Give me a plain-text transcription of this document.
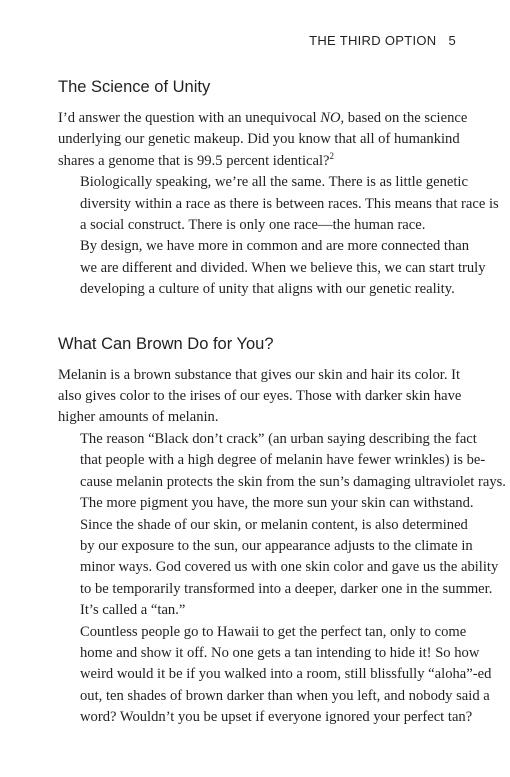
THE THIRD OPTION 5
The Science of Unity

I’d answer the question with an unequivocal NO, based on the science
underlying our genetic makeup. Did you know that all of humankind
shares a genome that is 99.5 percent identical?$^2$

Biologically speaking, we’re all the same. There is as little genetic
diversity within a race as there is between races. This means that race is
a social construct. There is only one race—the human race.

By design, we have more in common and are more connected than
we are different and divided. When we believe this, we can start truly
developing a culture of unity that aligns with our genetic reality.

What Can Brown Do for You?

Melanin is a brown substance that gives our skin and hair its color. It
also gives color to the irises of our eyes. Those with darker skin have
higher amounts of melanin.

The reason “Black don’t crack” (an urban saying describing the fact
that people with a high degree of melanin have fewer wrinkles) is be-
cause melanin protects the skin from the sun’s damaging ultraviolet rays.
The more pigment you have, the more sun your skin can withstand.

Since the shade of our skin, or melanin content, is also determined
by our exposure to the sun, our appearance adjusts to the climate in
minor ways. God covered us with one skin color and gave us the ability
to be temporarily transformed into a deeper, darker one in the summer.
It’s called a “tan.”

Countless people go to Hawaii to get the perfect tan, only to come
home and show it off. No one gets a tan intending to hide it! So how
weird would it be if you walked into a room, still blissfully “aloha”-ed
out, ten shades of brown darker than when you left, and nobody said a
word? Wouldn’t you be upset if everyone ignored your perfect tan?
